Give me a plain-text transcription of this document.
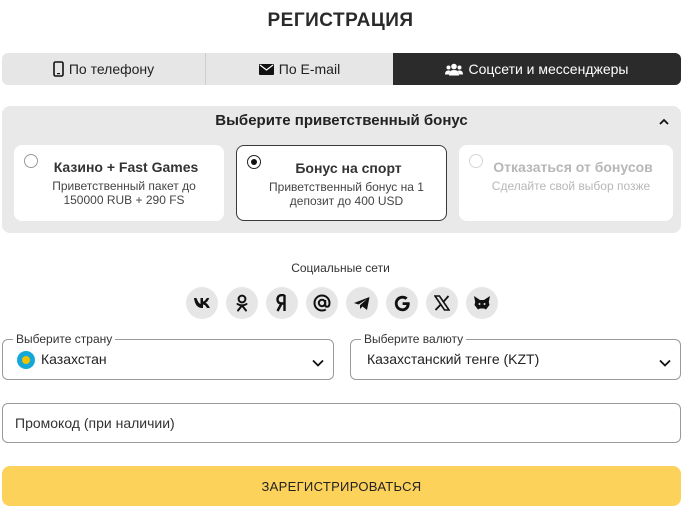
РЕГИСТРАЦИЯ
По телефону	По E-mail	Соцсети и мессенджеры
Выберите приветственный бонус
Казино + Fast Games
Приветственный пакет до 150000 RUB + 290 FS
Бонус на спорт
Приветственный бонус на 1 депозит до 400 USD
Отказаться от бонусов
Сделайте свой выбор позже
Социальные сети
Выберите страну
Казахстан
Выберите валюту
Казахстанский тенге (KZT)
Промокод (при наличии)
ЗАРЕГИСТРИРОВАТЬСЯ
